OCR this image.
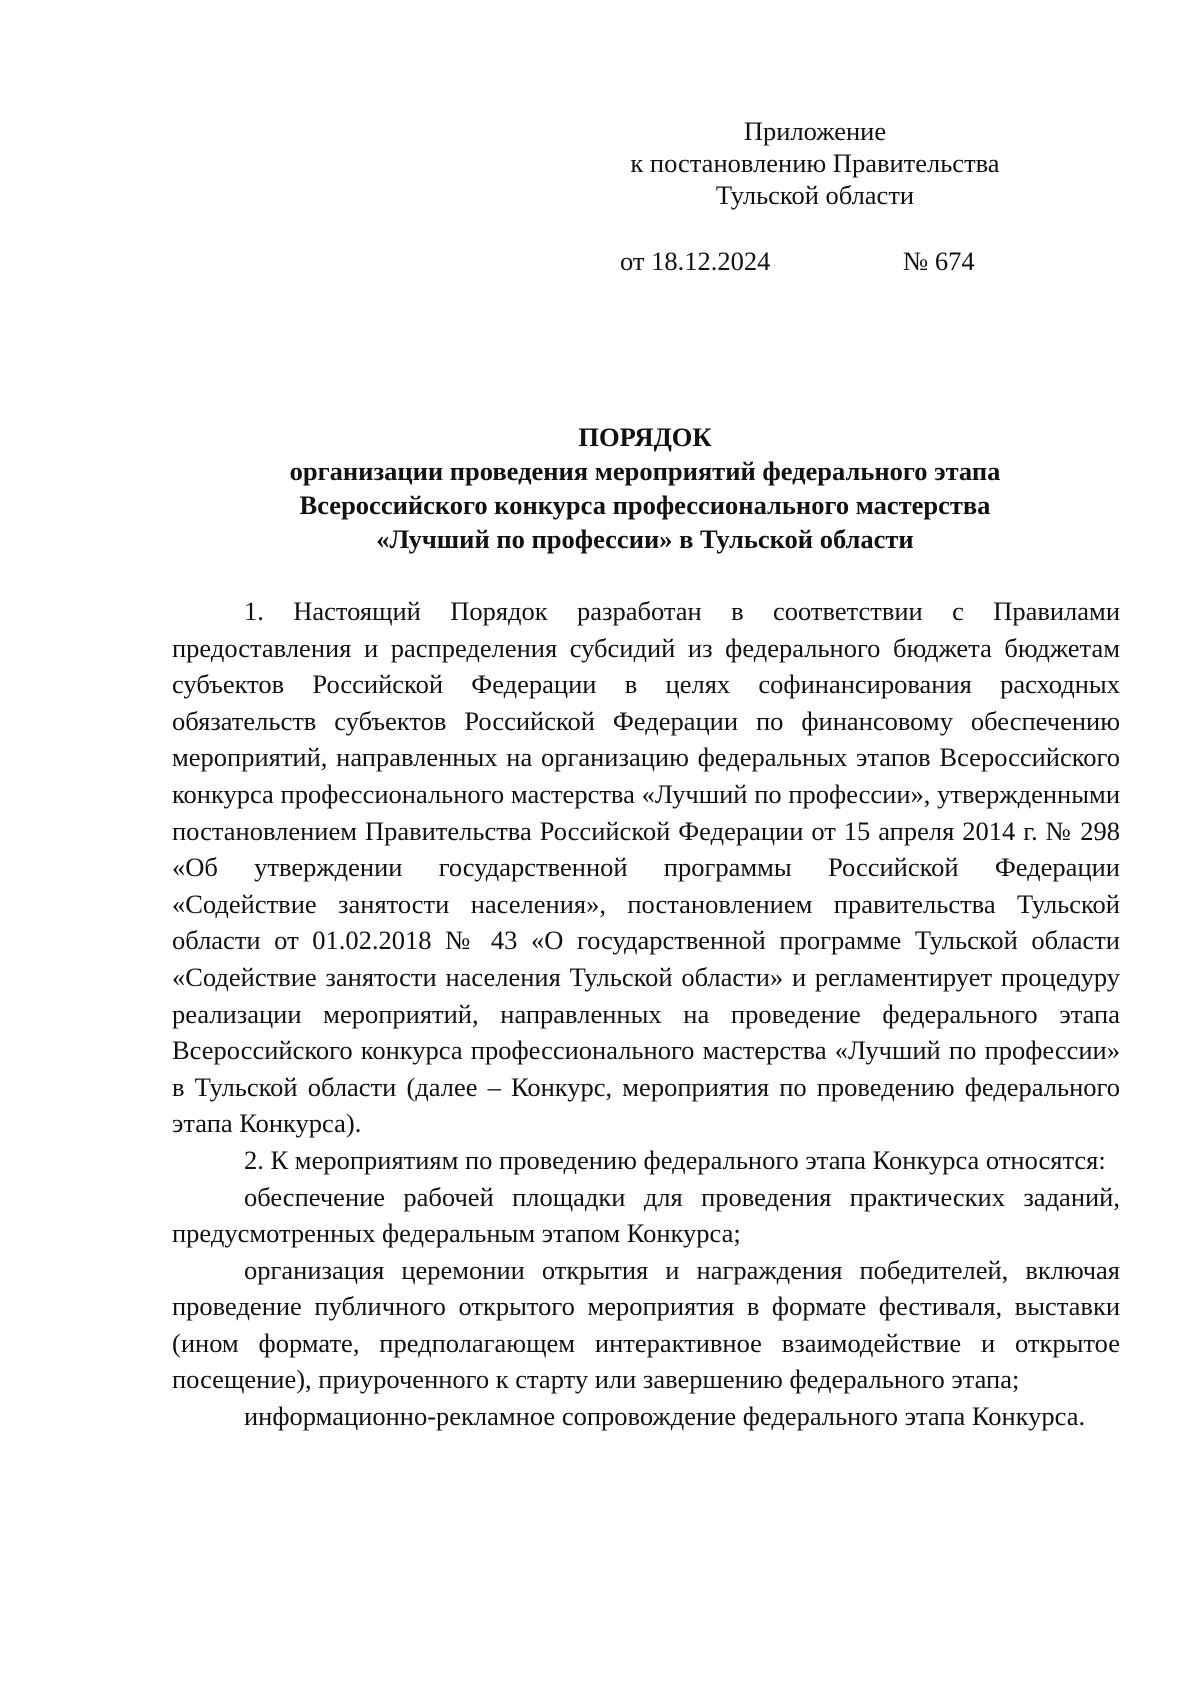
Приложение
к постановлению Правительства
Тульской области
от 18.12.2024	№ 674
ПОРЯДОК
организации проведения мероприятий федерального этапа
Всероссийского конкурса профессионального мастерства
«Лучший по профессии» в Тульской области

1. Настоящий Порядок разработан в соответствии с Правилами предоставления и распределения субсидий из федерального бюджета бюджетам субъектов Российской Федерации в целях софинансирования расходных обязательств субъектов Российской Федерации по финансовому обеспечению мероприятий, направленных на организацию федеральных этапов Всероссийского конкурса профессионального мастерства «Лучший по профессии», утвержденными постановлением Правительства Российской Федерации от 15 апреля 2014 г. № 298 «Об утверждении государственной программы Российской Федерации «Содействие занятости населения», постановлением правительства Тульской области от 01.02.2018 № 43 «О государственной программе Тульской области «Содействие занятости населения Тульской области» и регламентирует процедуру реализации мероприятий, направленных на проведение федерального этапа Всероссийского конкурса профессионального мастерства «Лучший по профессии» в Тульской области (далее – Конкурс, мероприятия по проведению федерального этапа Конкурса).

2. К мероприятиям по проведению федерального этапа Конкурса относятся:

обеспечение рабочей площадки для проведения практических заданий, предусмотренных федеральным этапом Конкурса;

организация церемонии открытия и награждения победителей, включая проведение публичного открытого мероприятия в формате фестиваля, выставки (ином формате, предполагающем интерактивное взаимодействие и открытое посещение), приуроченного к старту или завершению федерального этапа;

информационно-рекламное сопровождение федерального этапа Конкурса.
